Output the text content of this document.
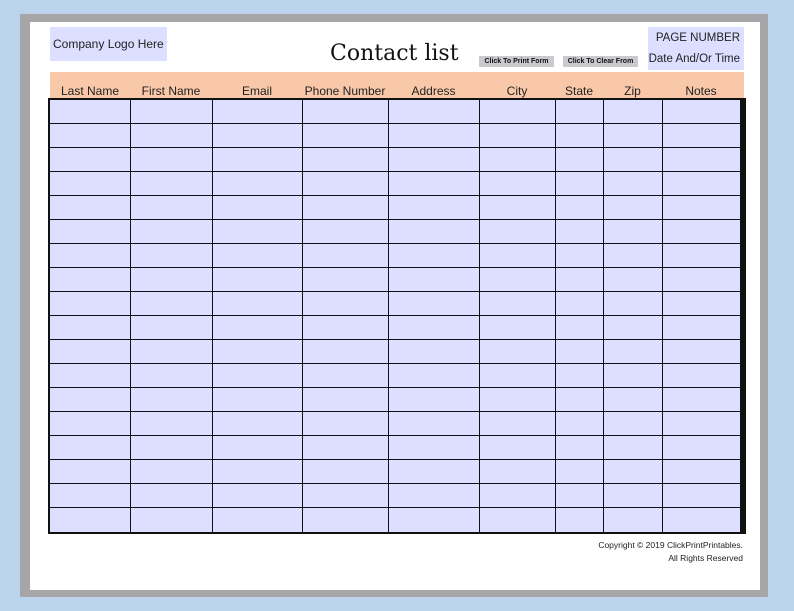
Company Logo Here	Contact list	Click To Print Form	Click To Clear From
PAGE NUMBER
Date And/Or Time
Last Name	First Name	Email	Phone Number	Address	City	State	Zip	Notes
Copyright © 2019 ClickPrintPrintables.
All Rights Reserved
